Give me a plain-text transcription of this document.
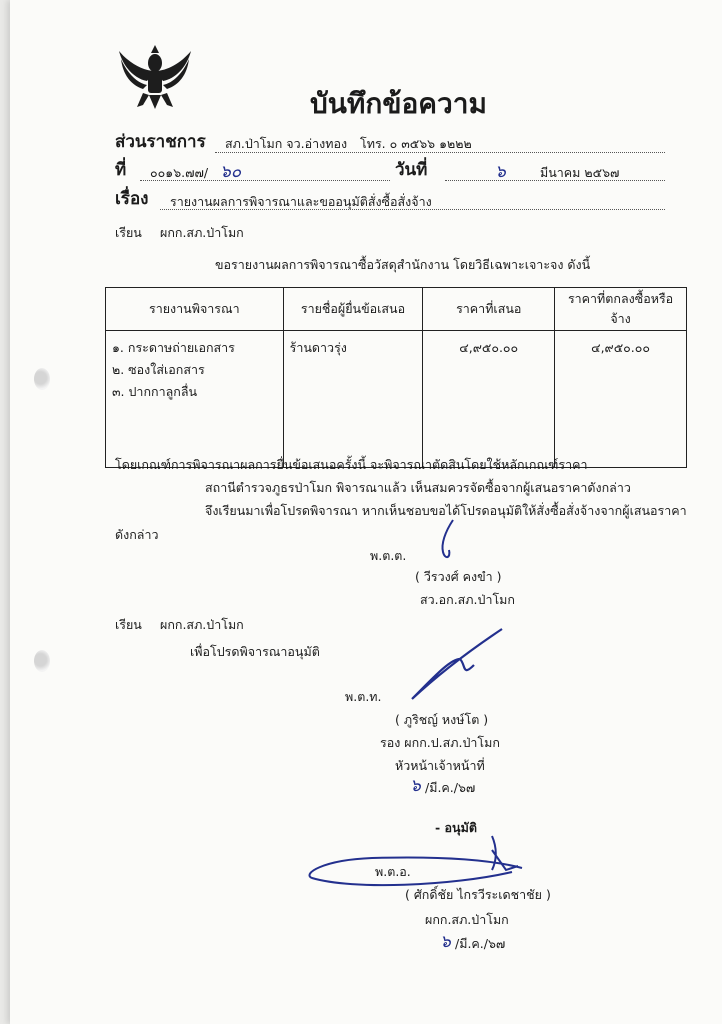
บันทึกข้อความ
ส่วนราชการ สภ.ป่าโมก จว.อ่างทอง โทร. ๐ ๓๕๖๖ ๑๒๒๒
ที่ ๐๐๑๖.๗๗/ ๖๐	วันที่	๖	มีนาคม ๒๕๖๗
เรื่อง รายงานผลการพิจารณาและขออนุมัติสั่งซื้อสั่งจ้าง
เรียน ผกก.สภ.ป่าโมก
ขอรายงานผลการพิจารณาซื้อวัสดุสำนักงาน โดยวิธีเฉพาะเจาะจง ดังนี้
รายงานพิจารณา	รายชื่อผู้ยื่นข้อเสนอ	ราคาที่เสนอ	ราคาที่ตกลงซื้อหรือ จ้าง

๑. กระดาษถ่ายเอกสาร
๒. ซองใส่เอกสาร
๓. ปากกาลูกลื่น	ร้านดาวรุ่ง	๔,๙๕๐.๐๐	๔,๙๕๐.๐๐
โดยเกณฑ์การพิจารณาผลการยื่นข้อเสนอครั้งนี้ จะพิจารณาตัดสินโดยใช้หลักเกณฑ์ราคา
สถานีตำรวจภูธรป่าโมก พิจารณาแล้ว เห็นสมควรจัดซื้อจากผู้เสนอราคาดังกล่าว
จึงเรียนมาเพื่อโปรดพิจารณา หากเห็นชอบขอได้โปรดอนุมัติให้สั่งซื้อสั่งจ้างจากผู้เสนอราคา
ดังกล่าว
พ.ต.ต.
( วีรวงศ์ คงขำ )
สว.อก.สภ.ป่าโมก
เรียน ผกก.สภ.ป่าโมก
เพื่อโปรดพิจารณาอนุมัติ
พ.ต.ท.
( ภูริชญ์ หงษ์โต )
รอง ผกก.ป.สภ.ป่าโมก
หัวหน้าเจ้าหน้าที่
๖ /มี.ค./๖๗
- อนุมัติ
พ.ต.อ.
( ศักดิ์ชัย ไกรวีระเดชาชัย )
ผกก.สภ.ป่าโมก
๖ /มี.ค./๖๗
